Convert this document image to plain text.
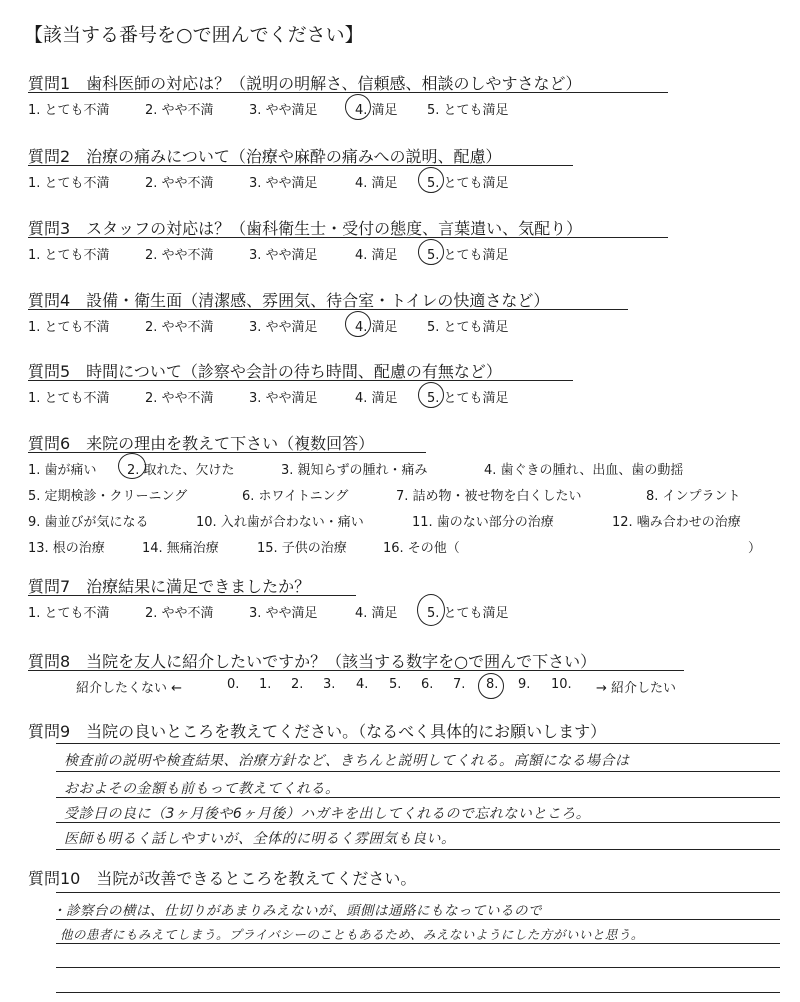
【該当する番号を○で囲んでください】
質問1　歯科医師の対応は？（説明の明解さ、信頼感、相談のしやすさなど）
1. とても不満	2. やや不満	3. やや満足	4. 満足 5. とても満足
質問2　治療の痛みについて（治療や麻酔の痛みへの説明、配慮）
1. とても不満	2. やや不満	3. やや満足	4. 満足 5. とても満足
質問3　スタッフの対応は？（歯科衛生士・受付の態度、言葉遣い、気配り）
1. とても不満	2. やや不満	3. やや満足	4. 満足 5. とても満足
質問4　設備・衛生面（清潔感、雰囲気、待合室・トイレの快適さなど）
1. とても不満	2. やや不満	3. やや満足	4. 満足 5. とても満足
質問5　時間について（診察や会計の待ち時間、配慮の有無など）
1. とても不満	2. やや不満	3. やや満足	4. 満足 5. とても満足
質問6　来院の理由を教えて下さい（複数回答）
1. 歯が痛い 2. 取れた、欠けた	3. 親知らずの腫れ・痛み	4. 歯ぐきの腫れ、出血、歯の動揺
5. 定期検診・クリーニング	6. ホワイトニング	7. 詰め物・被せ物を白くしたい	8. インプラント
9. 歯並びが気になる	10. 入れ歯が合わない・痛い	11. 歯のない部分の治療	12. 噛み合わせの治療
13. 根の治療	14. 無痛治療	15. 子供の治療	16. その他（	）
質問7　治療結果に満足できましたか？
1. とても不満	2. やや不満	3. やや満足	4. 満足 5. とても満足
質問8　当院を友人に紹介したいですか？（該当する数字を○で囲んで下さい）
紹介したくない ←	0. 1. 2. 3. 4. 5. 6. 7. 8. 9. 10. → 紹介したい
質問9　当院の良いところを教えてください。（なるべく具体的にお願いします）
検査前の説明や検査結果、治療方針など、きちんと説明してくれる。高額になる場合は
おおよその金額も前もって教えてくれる。
受診日の良に（3ヶ月後や6ヶ月後）ハガキを出してくれるので忘れないところ。
医師も明るく話しやすいが、全体的に明るく雰囲気も良い。
質問10　当院が改善できるところを教えてください。
・診察台の横は、仕切りがあまりみえないが、頭側は通路にもなっているので
他の患者にもみえてしまう。プライバシーのこともあるため、みえないようにした方がいいと思う。
